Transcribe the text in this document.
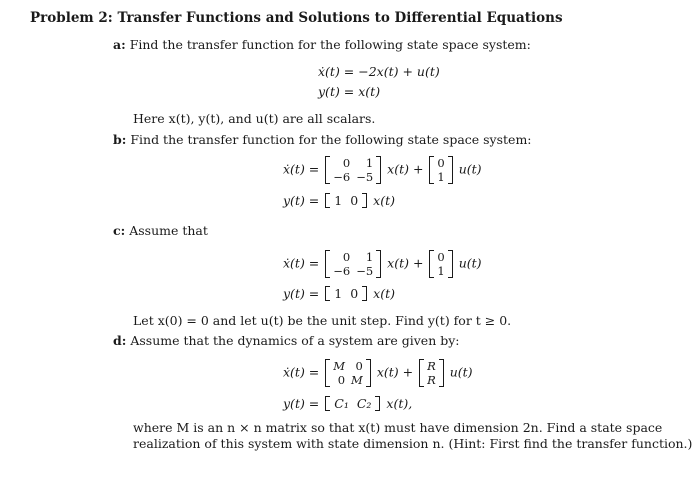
Problem 2: Transfer Functions and Solutions to Differential Equations
a: Find the transfer function for the following state space system:
ẋ(t) = −2x(t) + u(t)
y(t) = x(t)
Here x(t), y(t), and u(t) are all scalars.
b: Find the transfer function for the following state space system:
ẋ(t) = 0	1
−6	−5
x(t) + 0
1
u(t)
y(t) = 1 0 x(t)
c: Assume that
ẋ(t) = 0	1
−6	−5
x(t) + 0
1
u(t)
y(t) = 1 0 x(t)
Let x(0) = 0 and let u(t) be the unit step. Find y(t) for t ≥ 0.
d: Assume that the dynamics of a system are given by:
ẋ(t) = M	0
0	M
x(t) + R
R
u(t)
y(t) = C₁ C₂ x(t),
where M is an n × n matrix so that x(t) must have dimension 2n. Find a state space
realization of this system with state dimension n. (Hint: First find the transfer function.)
